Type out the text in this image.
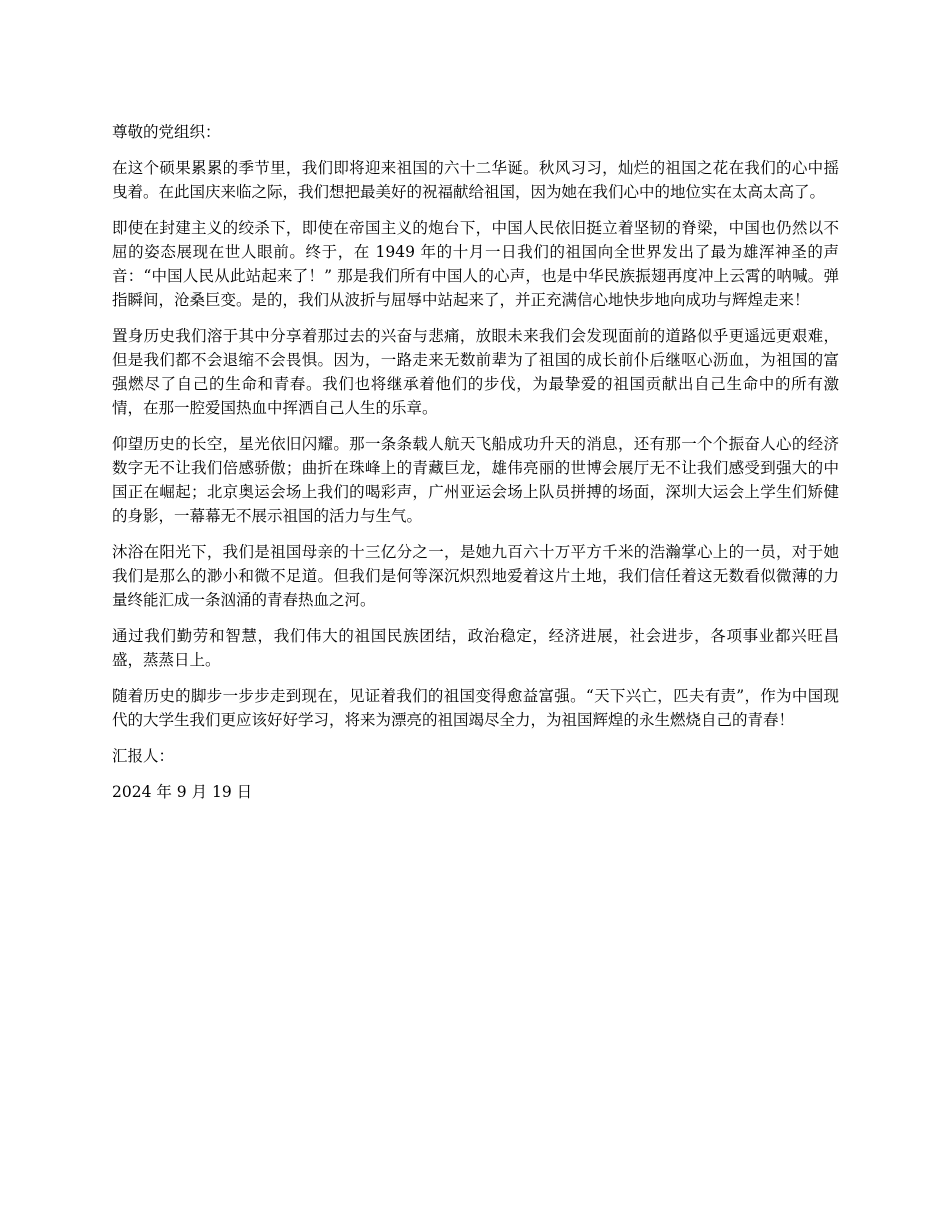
尊敬的党组织：

在这个硕果累累的季节里，我们即将迎来祖国的六十二华诞。秋风习习，灿烂的祖国之花在我们的心中摇曳着。在此国庆来临之际，我们想把最美好的祝福献给祖国，因为她在我们心中的地位实在太高太高了。

即使在封建主义的绞杀下，即使在帝国主义的炮台下，中国人民依旧挺立着坚韧的脊梁，中国也仍然以不屈的姿态展现在世人眼前。终于，在 1949 年的十月一日我们的祖国向全世界发出了最为雄浑神圣的声音：“中国人民从此站起来了！” 那是我们所有中国人的心声，也是中华民族振翅再度冲上云霄的呐喊。弹指瞬间，沧桑巨变。是的，我们从波折与屈辱中站起来了，并正充满信心地快步地向成功与辉煌走来！

置身历史我们溶于其中分享着那过去的兴奋与悲痛，放眼未来我们会发现面前的道路似乎更遥远更艰难，但是我们都不会退缩不会畏惧。因为，一路走来无数前辈为了祖国的成长前仆后继呕心沥血，为祖国的富强燃尽了自己的生命和青春。我们也将继承着他们的步伐，为最挚爱的祖国贡献出自己生命中的所有激情，在那一腔爱国热血中挥洒自己人生的乐章。

仰望历史的长空，星光依旧闪耀。那一条条载人航天飞船成功升天的消息，还有那一个个振奋人心的经济数字无不让我们倍感骄傲；曲折在珠峰上的青藏巨龙，雄伟亮丽的世博会展厅无不让我们感受到强大的中国正在崛起；北京奥运会场上我们的喝彩声，广州亚运会场上队员拼搏的场面，深圳大运会上学生们矫健的身影，一幕幕无不展示祖国的活力与生气。

沐浴在阳光下，我们是祖国母亲的十三亿分之一，是她九百六十万平方千米的浩瀚掌心上的一员，对于她我们是那么的渺小和微不足道。但我们是何等深沉炽烈地爱着这片土地，我们信任着这无数看似微薄的力量终能汇成一条汹涌的青春热血之河。

通过我们勤劳和智慧，我们伟大的祖国民族团结，政治稳定，经济进展，社会进步，各项事业都兴旺昌盛，蒸蒸日上。

随着历史的脚步一步步走到现在，见证着我们的祖国变得愈益富强。“天下兴亡，匹夫有责”，作为中国现代的大学生我们更应该好好学习，将来为漂亮的祖国竭尽全力，为祖国辉煌的永生燃烧自己的青春！

汇报人：

2024 年 9 月 19 日
